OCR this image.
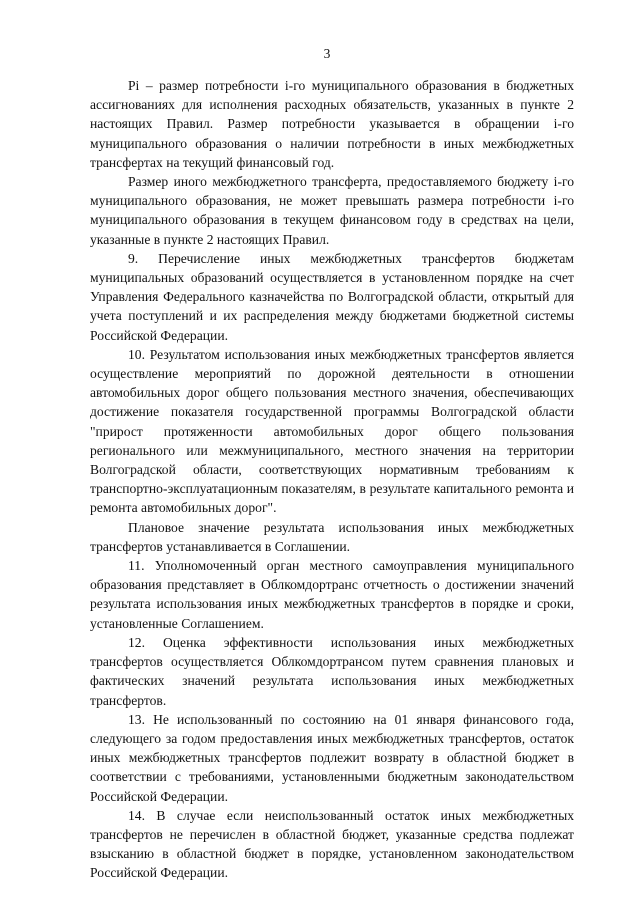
3

Pi – размер потребности i-го муниципального образования в бюджетных ассигнованиях для исполнения расходных обязательств, указанных в пункте 2 настоящих Правил. Размер потребности указывается в обращении i-го муниципального образования о наличии потребности в иных межбюджетных трансфертах на текущий финансовый год.

Размер иного межбюджетного трансферта, предоставляемого бюджету i-го муниципального образования, не может превышать размера потребности i-го муниципального образования в текущем финансовом году в средствах на цели, указанные в пункте 2 настоящих Правил.

9. Перечисление иных межбюджетных трансфертов бюджетам муниципальных образований осуществляется в установленном порядке на счет Управления Федерального казначейства по Волгоградской области, открытый для учета поступлений и их распределения между бюджетами бюджетной системы Российской Федерации.

10. Результатом использования иных межбюджетных трансфертов является осуществление мероприятий по дорожной деятельности в отношении автомобильных дорог общего пользования местного значения, обеспечивающих достижение показателя государственной программы Волгоградской области "прирост протяженности автомобильных дорог общего пользования регионального или межмуниципального, местного значения на территории Волгоградской области, соответствующих нормативным требованиям к транспортно-эксплуатационным показателям, в результате капитального ремонта и ремонта автомобильных дорог".

Плановое значение результата использования иных межбюджетных трансфертов устанавливается в Соглашении.

11. Уполномоченный орган местного самоуправления муниципального образования представляет в Облкомдортранс отчетность о достижении значений результата использования иных межбюджетных трансфертов в порядке и сроки, установленные Соглашением.

12. Оценка эффективности использования иных межбюджетных трансфертов осуществляется Облкомдортрансом путем сравнения плановых и фактических значений результата использования иных межбюджетных трансфертов.

13. Не использованный по состоянию на 01 января финансового года, следующего за годом предоставления иных межбюджетных трансфертов, остаток иных межбюджетных трансфертов подлежит возврату в областной бюджет в соответствии с требованиями, установленными бюджетным законодательством Российской Федерации.

14. В случае если неиспользованный остаток иных межбюджетных трансфертов не перечислен в областной бюджет, указанные средства подлежат взысканию в областной бюджет в порядке, установленном законодательством Российской Федерации.
